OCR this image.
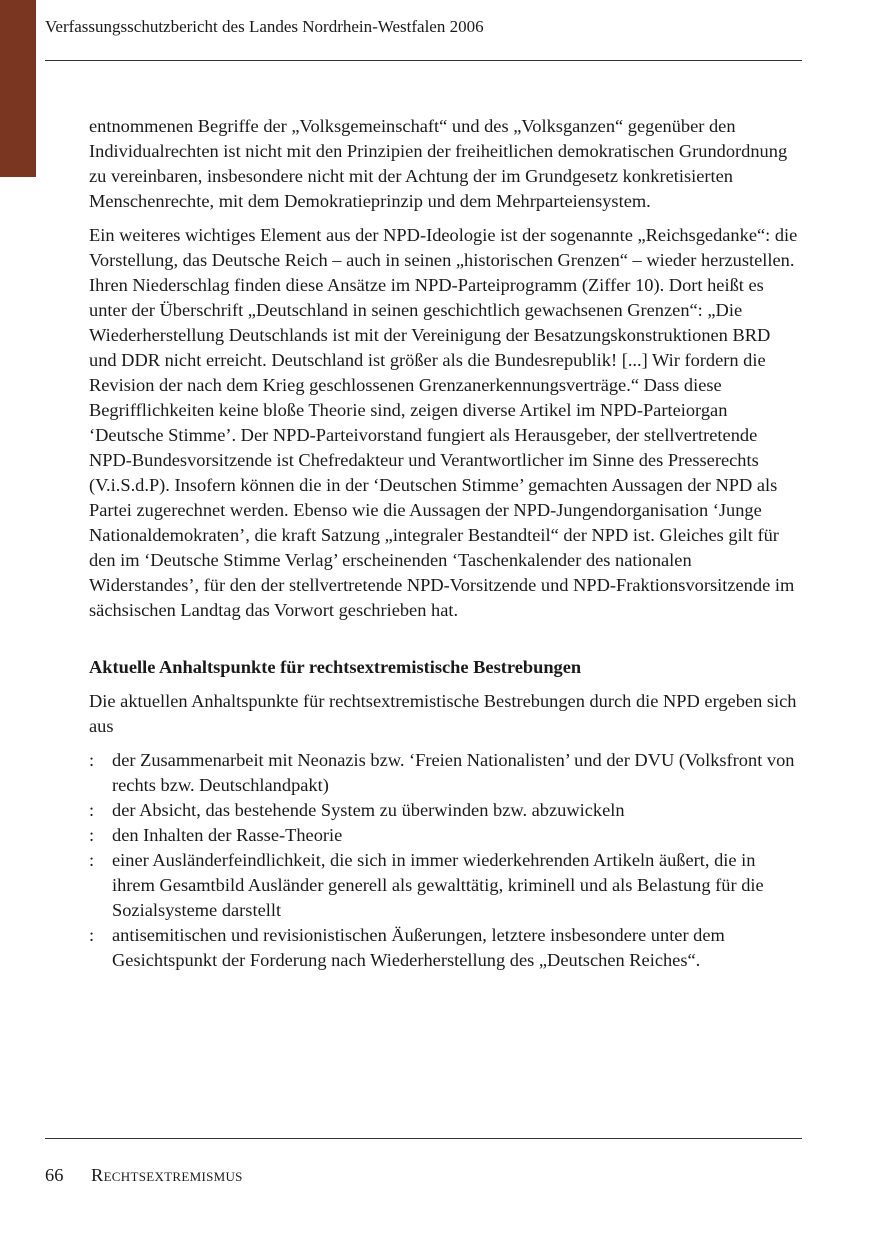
Verfassungsschutzbericht des Landes Nordrhein-Westfalen 2006

entnommenen Begriffe der „Volksgemeinschaft“ und des „Volksganzen“ gegenüber den Individualrechten ist nicht mit den Prinzipien der freiheitlichen demokratischen Grundordnung zu vereinbaren, insbesondere nicht mit der Achtung der im Grundgesetz konkretisierten Menschenrechte, mit dem Demokratieprinzip und dem Mehrparteiensystem.

Ein weiteres wichtiges Element aus der NPD-Ideologie ist der sogenannte „Reichsgedanke“: die Vorstellung, das Deutsche Reich – auch in seinen „historischen Grenzen“ – wieder herzustellen. Ihren Niederschlag finden diese Ansätze im NPD-Parteiprogramm (Ziffer 10). Dort heißt es unter der Überschrift „Deutschland in seinen geschichtlich gewachsenen Grenzen“: „Die Wiederherstellung Deutschlands ist mit der Vereinigung der Besatzungskonstruktionen BRD und DDR nicht erreicht. Deutschland ist größer als die Bundesrepublik! [...] Wir fordern die Revision der nach dem Krieg geschlossenen Grenzanerkennungsverträge.“ Dass diese Begrifflichkeiten keine bloße Theorie sind, zeigen diverse Artikel im NPD-Parteiorgan ‘Deutsche Stimme’. Der NPD-Parteivorstand fungiert als Herausgeber, der stellvertretende NPD-Bundesvorsitzende ist Chefredakteur und Verantwortlicher im Sinne des Presserechts (V.i.S.d.P). Insofern können die in der ‘Deutschen Stimme’ gemachten Aussagen der NPD als Partei zugerechnet werden. Ebenso wie die Aussagen der NPD-Jungendorganisation ‘Junge Nationaldemokraten’, die kraft Satzung „integraler Bestandteil“ der NPD ist. Gleiches gilt für den im ‘Deutsche Stimme Verlag’ erscheinenden ‘Taschenkalender des nationalen Widerstandes’, für den der stellvertretende NPD-Vorsitzende und NPD-Fraktionsvorsitzende im sächsischen Landtag das Vorwort geschrieben hat.

Aktuelle Anhaltspunkte für rechtsextremistische Bestrebungen

Die aktuellen Anhaltspunkte für rechtsextremistische Bestrebungen durch die NPD ergeben sich aus

: der Zusammenarbeit mit Neonazis bzw. ‘Freien Nationalisten’ und der DVU (Volksfront von rechts bzw. Deutschlandpakt)
: der Absicht, das bestehende System zu überwinden bzw. abzuwickeln
: den Inhalten der Rasse-Theorie
: einer Ausländerfeindlichkeit, die sich in immer wiederkehrenden Artikeln äußert, die in ihrem Gesamtbild Ausländer generell als gewalttätig, kriminell und als Belastung für die Sozialsysteme darstellt
: antisemitischen und revisionistischen Äußerungen, letztere insbesondere unter dem Gesichtspunkt der Forderung nach Wiederherstellung des „Deutschen Reiches“.
66 Rechtsextremismus
